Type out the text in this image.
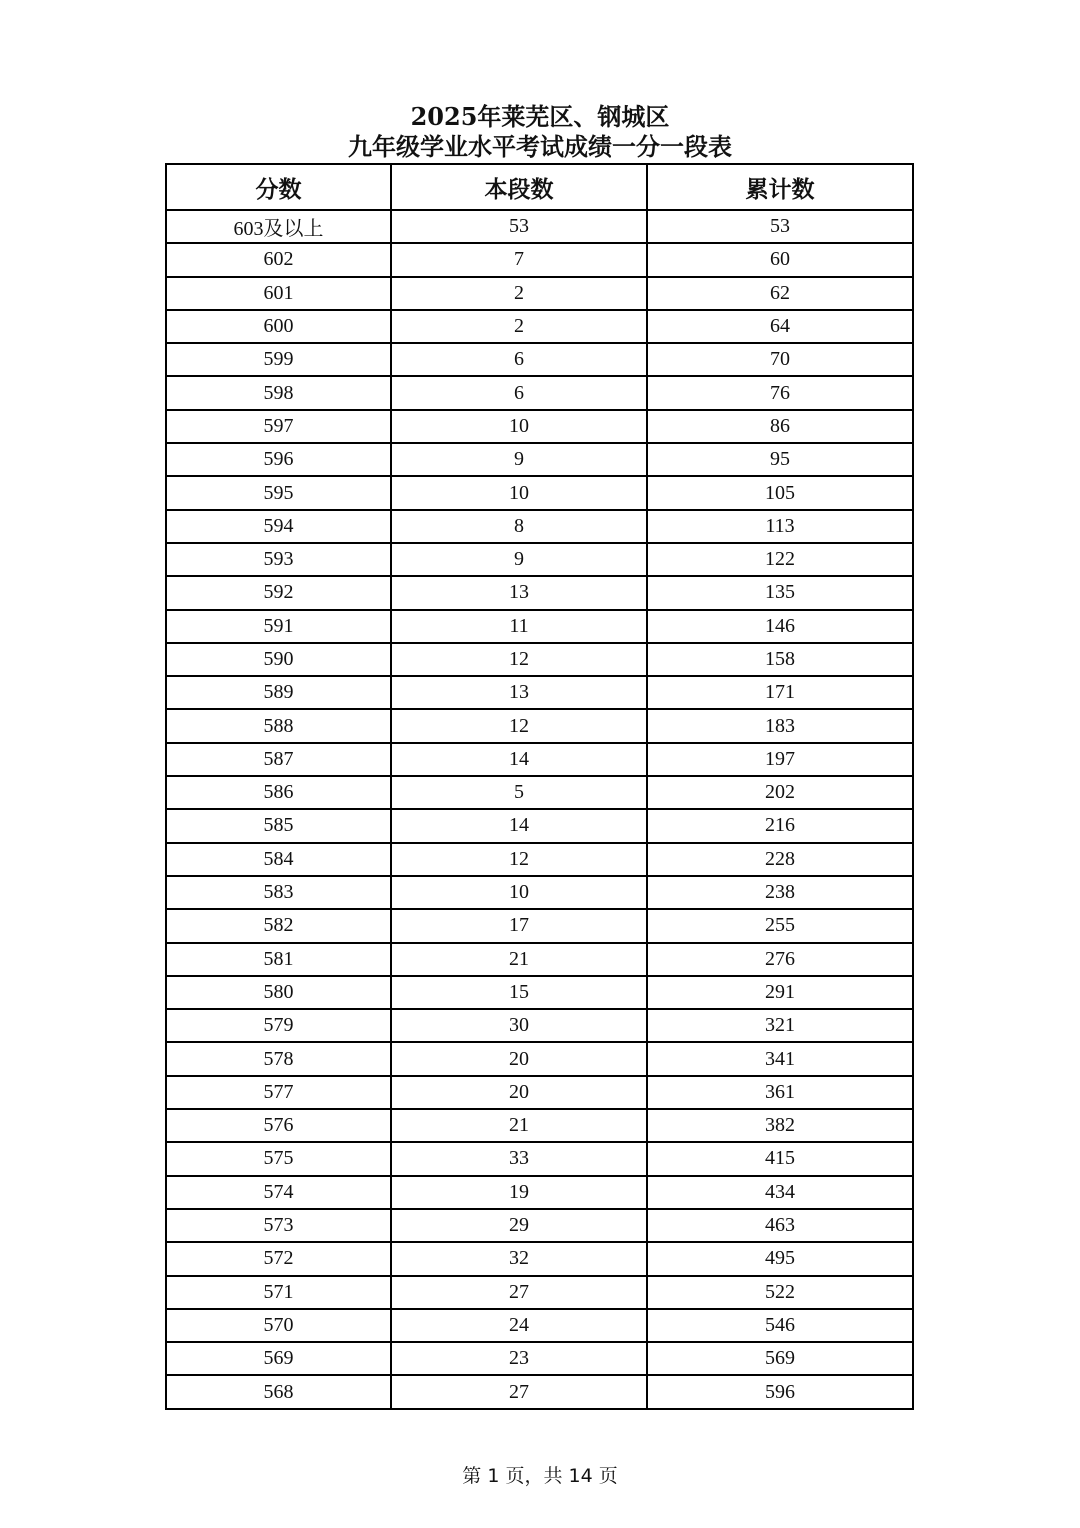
2025年莱芜区、钢城区
九年级学业水平考试成绩一分一段表
分数	本段数	累计数
603及以上	53	53
602	7	60
601	2	62
600	2	64
599	6	70
598	6	76
597	10	86
596	9	95
595	10	105
594	8	113
593	9	122
592	13	135
591	11	146
590	12	158
589	13	171
588	12	183
587	14	197
586	5	202
585	14	216
584	12	228
583	10	238
582	17	255
581	21	276
580	15	291
579	30	321
578	20	341
577	20	361
576	21	382
575	33	415
574	19	434
573	29	463
572	32	495
571	27	522
570	24	546
569	23	569
568	27	596
第 1 页，共 14 页
